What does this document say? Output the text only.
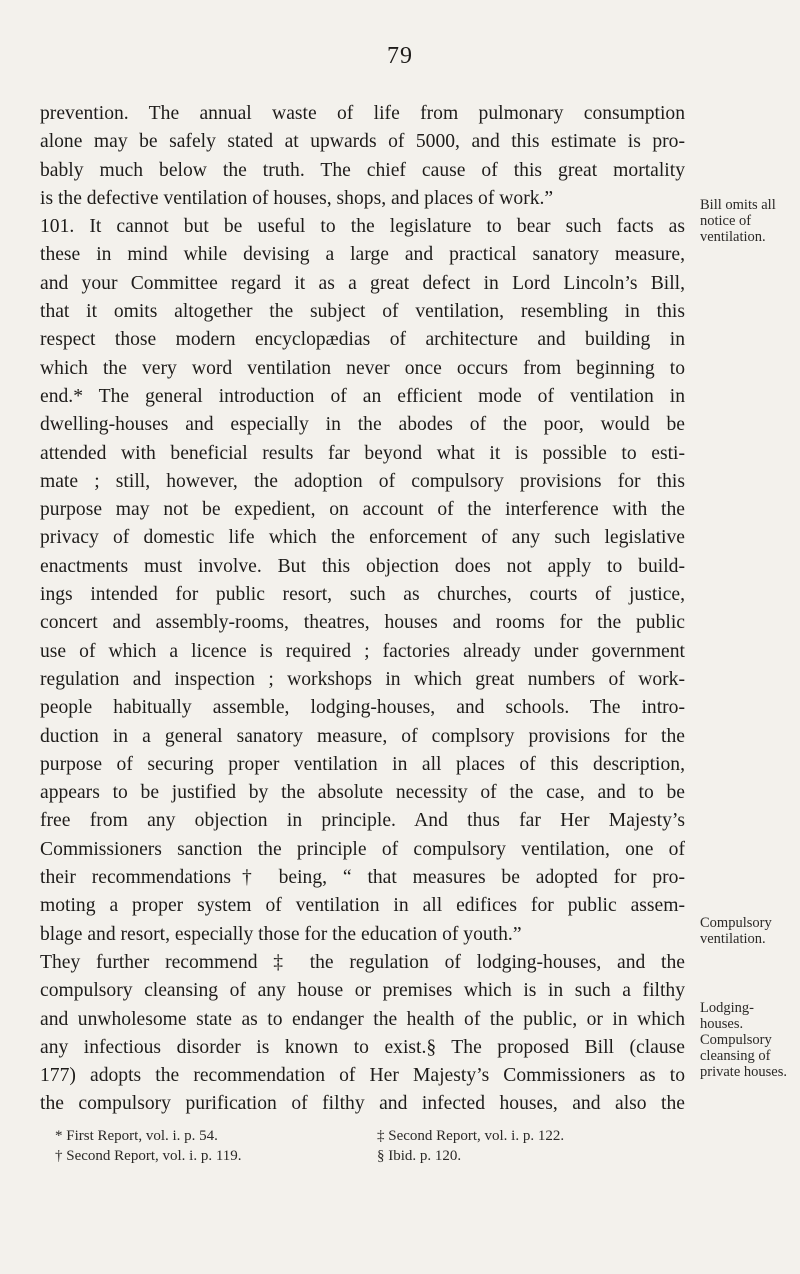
79
prevention. The annual waste of life from pulmonary consumption
alone may be safely stated at upwards of 5000, and this estimate is pro-
bably much below the truth. The chief cause of this great mortality
is the defective ventilation of houses, shops, and places of work.”
101. It cannot but be useful to the legislature to bear such facts as
these in mind while devising a large and practical sanatory measure,
and your Committee regard it as a great defect in Lord Lincoln’s Bill,
that it omits altogether the subject of ventilation, resembling in this
respect those modern encyclopædias of architecture and building in
which the very word ventilation never once occurs from beginning to
end.* The general introduction of an efficient mode of ventilation in
dwelling-houses and especially in the abodes of the poor, would be
attended with beneficial results far beyond what it is possible to esti-
mate ; still, however, the adoption of compulsory provisions for this
purpose may not be expedient, on account of the interference with the
privacy of domestic life which the enforcement of any such legislative
enactments must involve. But this objection does not apply to build-
ings intended for public resort, such as churches, courts of justice,
concert and assembly-rooms, theatres, houses and rooms for the public
use of which a licence is required ; factories already under government
regulation and inspection ; workshops in which great numbers of work-
people habitually assemble, lodging-houses, and schools. The intro-
duction in a general sanatory measure, of complsory provisions for the
purpose of securing proper ventilation in all places of this description,
appears to be justified by the absolute necessity of the case, and to be
free from any objection in principle. And thus far Her Majesty’s
Commissioners sanction the principle of compulsory ventilation, one of
their recommendations† being, “ that measures be adopted for pro-
moting a proper system of ventilation in all edifices for public assem-
blage and resort, especially those for the education of youth.”
They further recommend ‡ the regulation of lodging-houses, and the
compulsory cleansing of any house or premises which is in such a filthy
and unwholesome state as to endanger the health of the public, or in which
any infectious disorder is known to exist.§ The proposed Bill (clause
177) adopts the recommendation of Her Majesty’s Commissioners as to
the compulsory purification of filthy and infected houses, and also the
Bill omits all
notice of
ventilation.
Compulsory
ventilation.
Lodging-
houses.
Compulsory
cleansing of
private houses.
* First Report, vol. i. p. 54.	‡ Second Report, vol. i. p. 122.
† Second Report, vol. i. p. 119.	§ Ibid. p. 120.
